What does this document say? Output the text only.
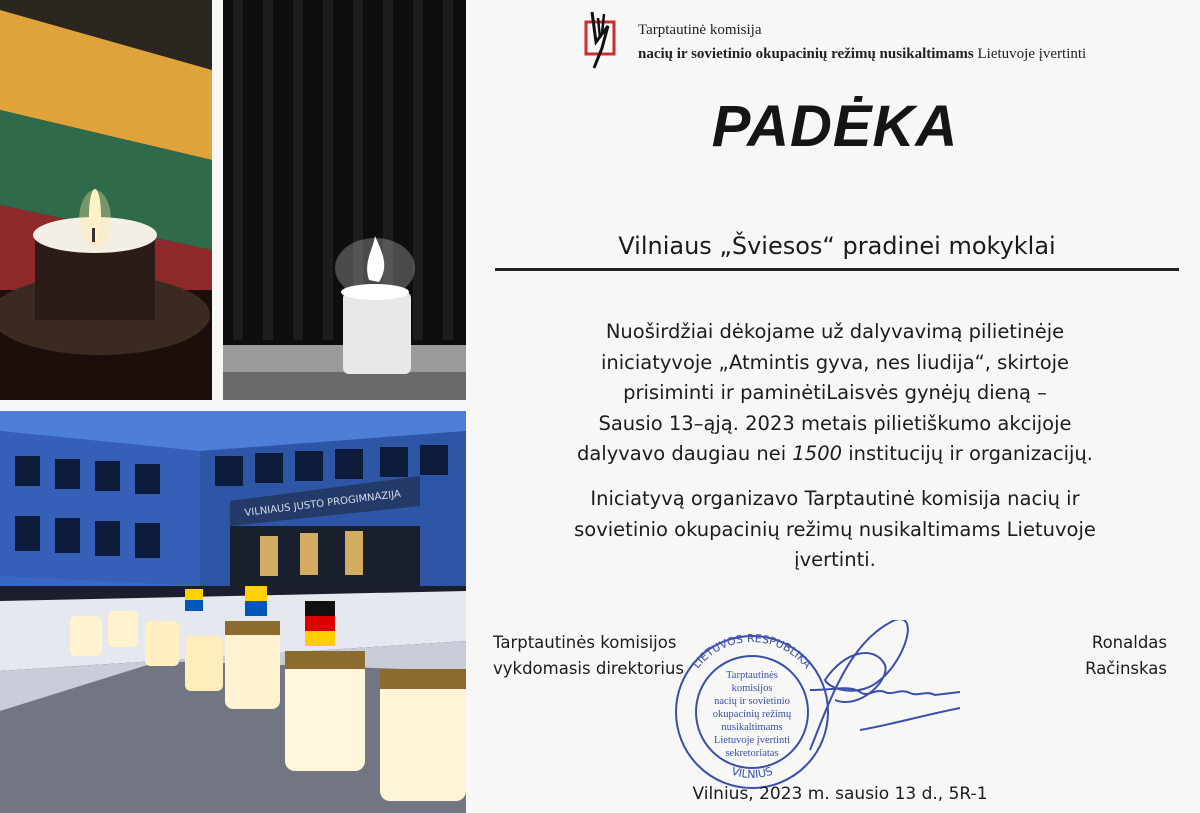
VILNIAUS JUSTO PROGIMNAZIJA
Tarptautinė komisija
nacių ir sovietinio okupacinių režimų nusikaltimams Lietuvoje įvertinti
PADĖKA
Vilniaus „Šviesos“ pradinei mokyklai
Nuoširdžiai dėkojame už dalyvavimą pilietinėje
iniciatyvoje „Atmintis gyva, nes liudija“, skirtoje
prisiminti ir paminėtiLaisvės gynėjų dieną –
Sausio 13–ąją. 2023 metais pilietiškumo akcijoje
dalyvavo daugiau nei 1500 institucijų ir organizacijų.
Iniciatyvą organizavo Tarptautinė komisija nacių ir
sovietinio okupacinių režimų nusikaltimams Lietuvoje
įvertinti.
LIETUVOS RESPUBLIKA
VILNIUS
Tarptautinės
komisijos
nacių ir sovietinio
okupacinių režimų
nusikaltimams
Lietuvoje įvertinti
sekretoriatas
Tarptautinės komisijos
vykdomasis direktorius
Ronaldas
Račinskas
Vilnius, 2023 m. sausio 13 d., 5R-1
